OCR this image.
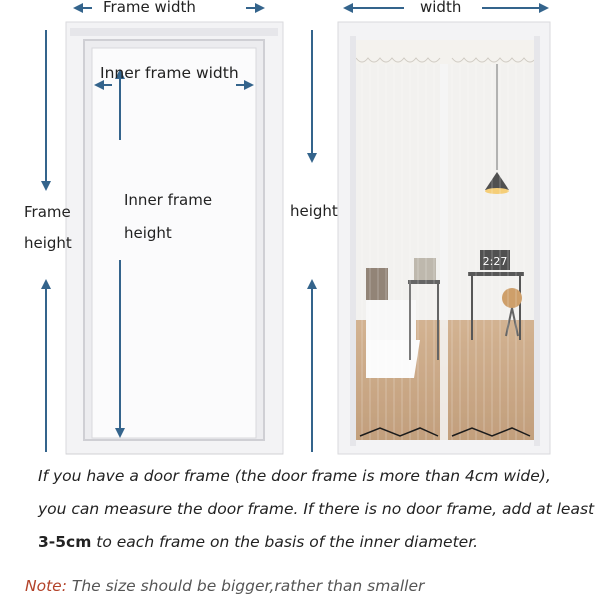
2:27
Frame width	width
Inner frame width
Inner frame
height
Frame
height
height
If you have a door frame (the door frame is more than 4cm wide),
you can measure the door frame. If there is no door frame, add at least
3-5cm to each frame on the basis of the inner diameter.
Note: The size should be bigger,rather than smaller
